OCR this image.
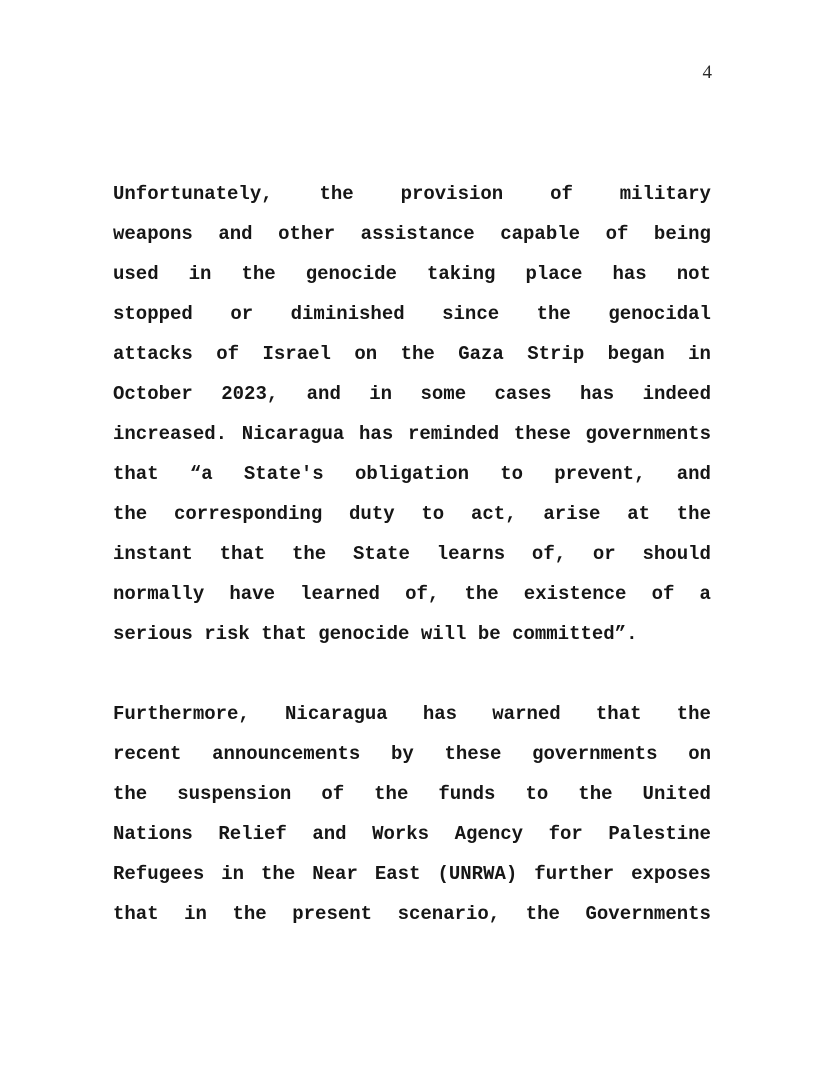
4
Unfortunately, the provision of military
weapons and other assistance capable of being
used in the genocide taking place has not
stopped or diminished since the genocidal
attacks of Israel on the Gaza Strip began in
October 2023, and in some cases has indeed
increased. Nicaragua has reminded these governments
that “a State's obligation to prevent, and
the corresponding duty to act, arise at the
instant that the State learns of, or should
normally have learned of, the existence of a
serious risk that genocide will be committed”.
Furthermore, Nicaragua has warned that the
recent announcements by these governments on
the suspension of the funds to the United
Nations Relief and Works Agency for Palestine
Refugees in the Near East (UNRWA) further exposes
that in the present scenario, the Governments
